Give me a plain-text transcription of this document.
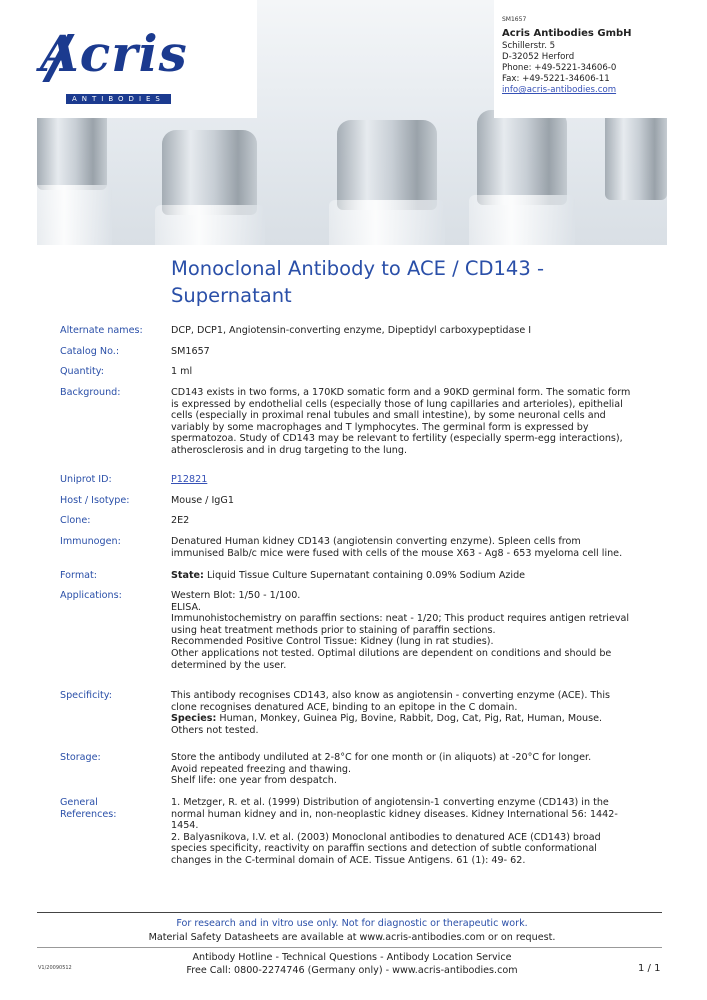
Acris
ANTIBODIES
SM1657
Acris Antibodies GmbH
Schillerstr. 5
D-32052 Herford
Phone: +49-5221-34606-0
Fax: +49-5221-34606-11
info@acris-antibodies.com
Monoclonal Antibody to ACE / CD143 - Supernatant
Alternate names:	DCP, DCP1, Angiotensin-converting enzyme, Dipeptidyl carboxypeptidase I
Catalog No.:	SM1657
Quantity:	1 ml
Background:	CD143 exists in two forms, a 170KD somatic form and a 90KD germinal form. The somatic form
is expressed by endothelial cells (especially those of lung capillaries and arterioles), epithelial
cells (especially in proximal renal tubules and small intestine), by some neuronal cells and
variably by some macrophages and T lymphocytes. The germinal form is expressed by
spermatozoa. Study of CD143 may be relevant to fertility (especially sperm-egg interactions),
atherosclerosis and in drug targeting to the lung.
Uniprot ID:	P12821
Host / Isotype:	Mouse / IgG1
Clone:	2E2
Immunogen:	Denatured Human kidney CD143 (angiotensin converting enzyme). Spleen cells from
immunised Balb/c mice were fused with cells of the mouse X63 - Ag8 - 653 myeloma cell line.
Format:	State: Liquid Tissue Culture Supernatant containing 0.09% Sodium Azide
Applications:	Western Blot: 1/50 - 1/100.
ELISA.
Immunohistochemistry on paraffin sections: neat - 1/20; This product requires antigen retrieval
using heat treatment methods prior to staining of paraffin sections.
Recommended Positive Control Tissue: Kidney (lung in rat studies).
Other applications not tested. Optimal dilutions are dependent on conditions and should be
determined by the user.
Specificity:	This antibody recognises CD143, also know as angiotensin - converting enzyme (ACE). This
clone recognises denatured ACE, binding to an epitope in the C domain.
Species: Human, Monkey, Guinea Pig, Bovine, Rabbit, Dog, Cat, Pig, Rat, Human, Mouse.
Others not tested.
Storage:	Store the antibody undiluted at 2-8°C for one month or (in aliquots) at -20°C for longer.
Avoid repeated freezing and thawing.
Shelf life: one year from despatch.
General
References:
1. Metzger, R. et al. (1999) Distribution of angiotensin-1 converting enzyme (CD143) in the
normal human kidney and in, non-neoplastic kidney diseases. Kidney International 56: 1442-
1454.
2. Balyasnikova, I.V. et al. (2003) Monoclonal antibodies to denatured ACE (CD143) broad
species specificity, reactivity on paraffin sections and detection of subtle conformational
changes in the C-terminal domain of ACE. Tissue Antigens. 61 (1): 49- 62.
For research and in vitro use only. Not for diagnostic or therapeutic work.
Material Safety Datasheets are available at www.acris-antibodies.com or on request.
Antibody Hotline - Technical Questions - Antibody Location Service
Free Call: 0800-2274746 (Germany only) - www.acris-antibodies.com
V1/20090512	1 / 1
